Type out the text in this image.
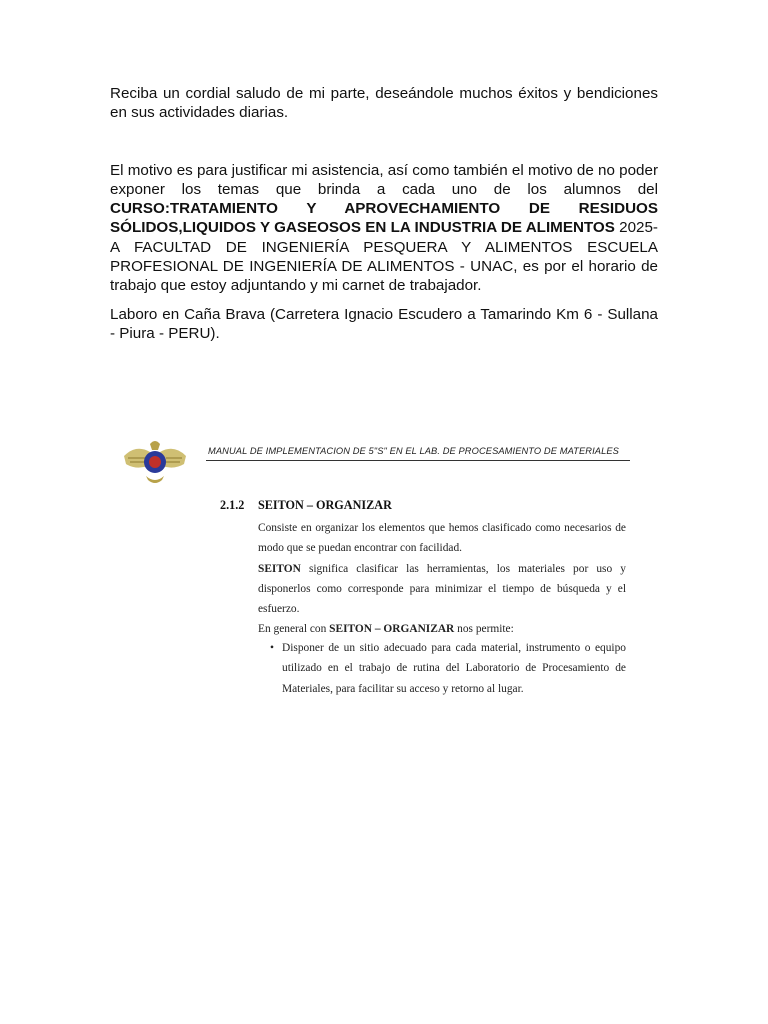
Reciba un cordial saludo de mi parte, deseándole muchos éxitos y bendiciones en sus actividades diarias.

El motivo es para justificar mi asistencia, así como también el motivo de no poder exponer los temas que brinda a cada uno de los alumnos del CURSO:TRATAMIENTO Y APROVECHAMIENTO DE RESIDUOS SÓLIDOS,LIQUIDOS Y GASEOSOS EN LA INDUSTRIA DE ALIMENTOS 2025-A FACULTAD DE INGENIERÍA PESQUERA Y ALIMENTOS ESCUELA PROFESIONAL DE INGENIERÍA DE ALIMENTOS - UNAC, es por el horario de trabajo que estoy adjuntando y mi carnet de trabajador.

Laboro en Caña Brava (Carretera Ignacio Escudero a Tamarindo Km 6 - Sullana - Piura - PERU).

MANUAL DE IMPLEMENTACION DE 5"S" EN EL LAB. DE PROCESAMIENTO DE MATERIALES
2.1.2 SEITON – ORGANIZAR

Consiste en organizar los elementos que hemos clasificado como necesarios de modo que se puedan encontrar con facilidad.

SEITON significa clasificar las herramientas, los materiales por uso y disponerlos como corresponde para minimizar el tiempo de búsqueda y el esfuerzo.

En general con SEITON – ORGANIZAR nos permite:

• Disponer de un sitio adecuado para cada material, instrumento o equipo utilizado en el trabajo de rutina del Laboratorio de Procesamiento de Materiales, para facilitar su acceso y retorno al lugar.
